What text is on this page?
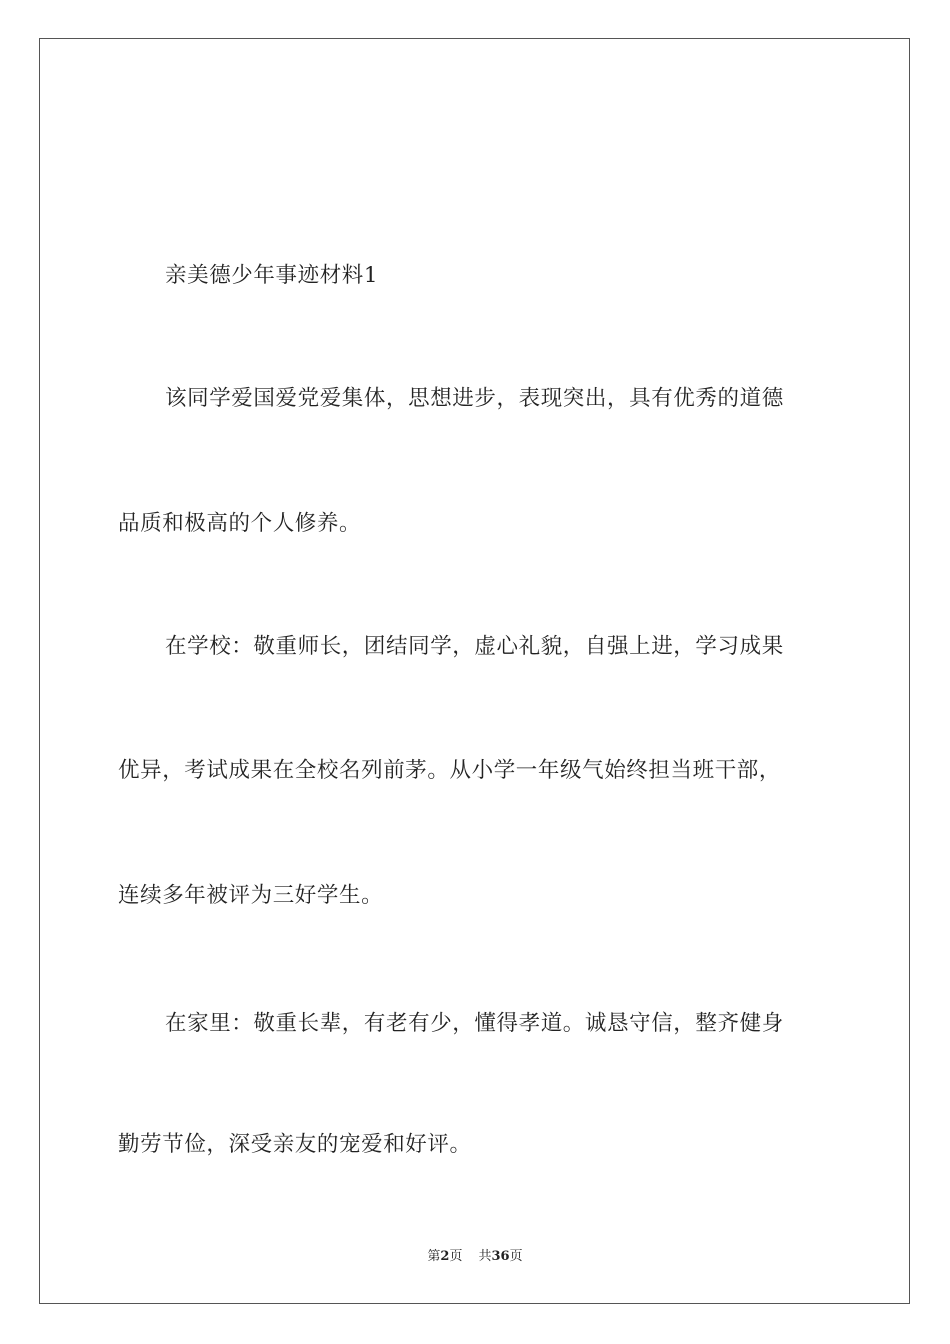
亲美德少年事迹材料1
该同学爱国爱党爱集体，思想进步，表现突出，具有优秀的道德
品质和极高的个人修养。
在学校：敬重师长，团结同学，虚心礼貌，自强上进，学习成果
优异，考试成果在全校名列前茅。从小学一年级气始终担当班干部，
连续多年被评为三好学生。
在家里：敬重长辈，有老有少，懂得孝道。诚恳守信，整齐健身
勤劳节俭，深受亲友的宠爱和好评。
第2页 共36页
